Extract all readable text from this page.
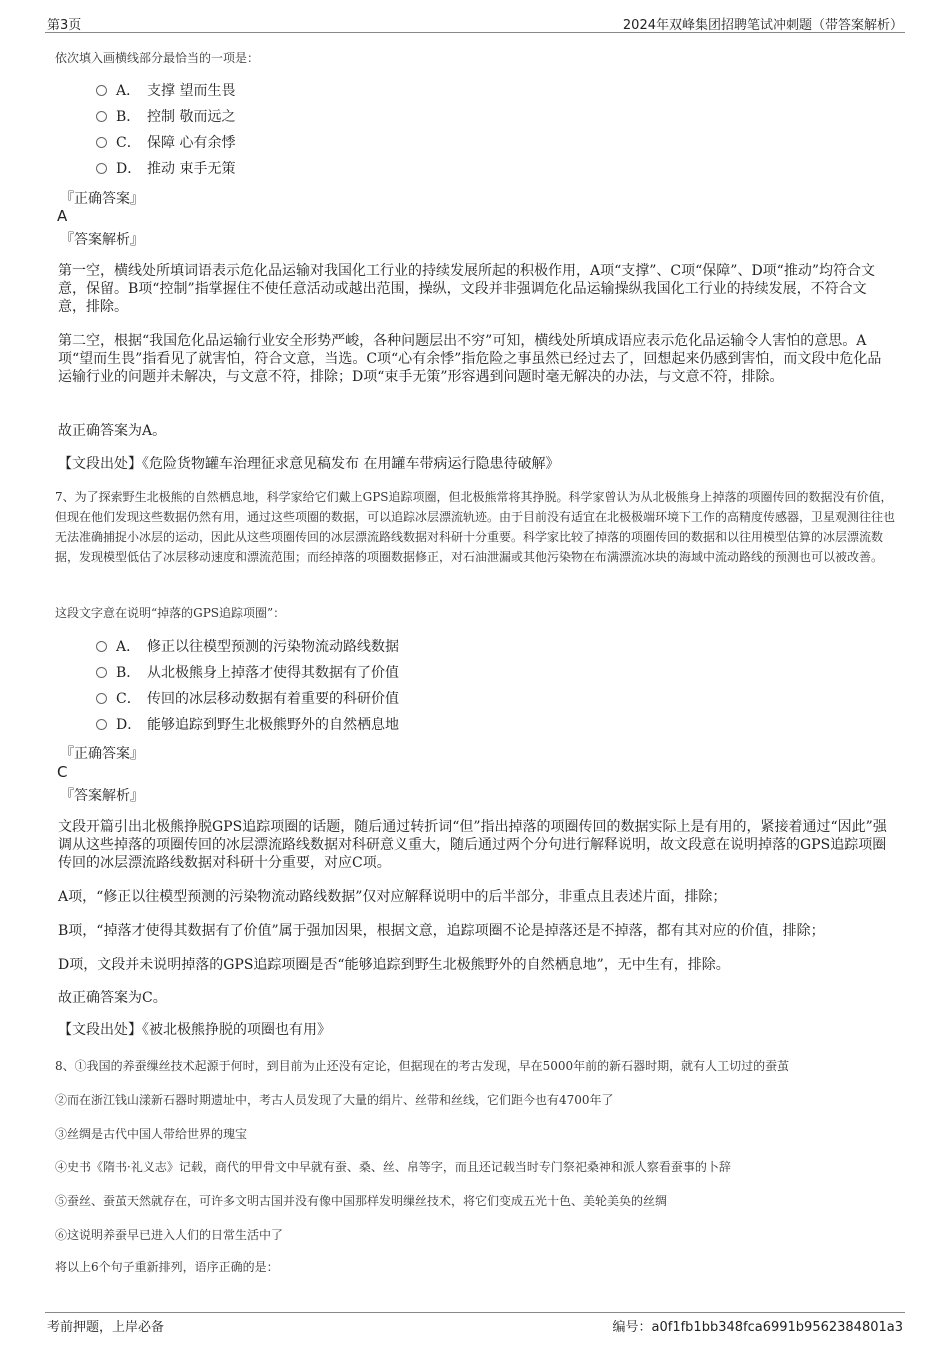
第3页	2024年双峰集团招聘笔试冲刺题（带答案解析）
依次填入画横线部分最恰当的一项是：
A． 支撑 望而生畏
B． 控制 敬而远之
C． 保障 心有余悸
D． 推动 束手无策
『正确答案』
A
『答案解析』
第一空，横线处所填词语表示危化品运输对我国化工行业的持续发展所起的积极作用，A项“支撑”、C项“保障”、D项“推动”均符合文意，保留。B项“控制”指掌握住不使任意活动或越出范围，操纵，文段并非强调危化品运输操纵我国化工行业的持续发展，不符合文意，排除。
第二空，根据“我国危化品运输行业安全形势严峻，各种问题层出不穷”可知，横线处所填成语应表示危化品运输令人害怕的意思。A项“望而生畏”指看见了就害怕，符合文意，当选。C项“心有余悸”指危险之事虽然已经过去了，回想起来仍感到害怕，而文段中危化品运输行业的问题并未解决，与文意不符，排除；D项“束手无策”形容遇到问题时毫无解决的办法，与文意不符，排除。
故正确答案为A。
【文段出处】《危险货物罐车治理征求意见稿发布 在用罐车带病运行隐患待破解》
7、为了探索野生北极熊的自然栖息地，科学家给它们戴上GPS追踪项圈，但北极熊常将其挣脱。科学家曾认为从北极熊身上掉落的项圈传回的数据没有价值，但现在他们发现这些数据仍然有用，通过这些项圈的数据，可以追踪冰层漂流轨迹。由于目前没有适宜在北极极端环境下工作的高精度传感器，卫星观测往往也无法准确捕捉小冰层的运动，因此从这些项圈传回的冰层漂流路线数据对科研十分重要。科学家比较了掉落的项圈传回的数据和以往用模型估算的冰层漂流数据，发现模型低估了冰层移动速度和漂流范围；而经掉落的项圈数据修正，对石油泄漏或其他污染物在布满漂流冰块的海域中流动路线的预测也可以被改善。
这段文字意在说明“掉落的GPS追踪项圈”：
A． 修正以往模型预测的污染物流动路线数据
B． 从北极熊身上掉落才使得其数据有了价值
C． 传回的冰层移动数据有着重要的科研价值
D． 能够追踪到野生北极熊野外的自然栖息地
『正确答案』
C
『答案解析』
文段开篇引出北极熊挣脱GPS追踪项圈的话题，随后通过转折词“但”指出掉落的项圈传回的数据实际上是有用的，紧接着通过“因此”强调从这些掉落的项圈传回的冰层漂流路线数据对科研意义重大，随后通过两个分句进行解释说明，故文段意在说明掉落的GPS追踪项圈传回的冰层漂流路线数据对科研十分重要，对应C项。
A项，“修正以往模型预测的污染物流动路线数据”仅对应解释说明中的后半部分，非重点且表述片面，排除；
B项，“掉落才使得其数据有了价值”属于强加因果，根据文意，追踪项圈不论是掉落还是不掉落，都有其对应的价值，排除；
D项，文段并未说明掉落的GPS追踪项圈是否“能够追踪到野生北极熊野外的自然栖息地”，无中生有，排除。
故正确答案为C。
【文段出处】《被北极熊挣脱的项圈也有用》
8、①我国的养蚕缫丝技术起源于何时，到目前为止还没有定论，但据现在的考古发现，早在5000年前的新石器时期，就有人工切过的蚕茧
②而在浙江钱山漾新石器时期遗址中，考古人员发现了大量的绢片、丝带和丝线，它们距今也有4700年了
③丝绸是古代中国人带给世界的瑰宝
④史书《隋书·礼义志》记载，商代的甲骨文中早就有蚕、桑、丝、帛等字，而且还记载当时专门祭祀桑神和派人察看蚕事的卜辞
⑤蚕丝、蚕茧天然就存在，可许多文明古国并没有像中国那样发明缫丝技术，将它们变成五光十色、美轮美奂的丝绸
⑥这说明养蚕早已进入人们的日常生活中了
将以上6个句子重新排列，语序正确的是：
考前押题，上岸必备	编号：a0f1fb1bb348fca6991b9562384801a3
